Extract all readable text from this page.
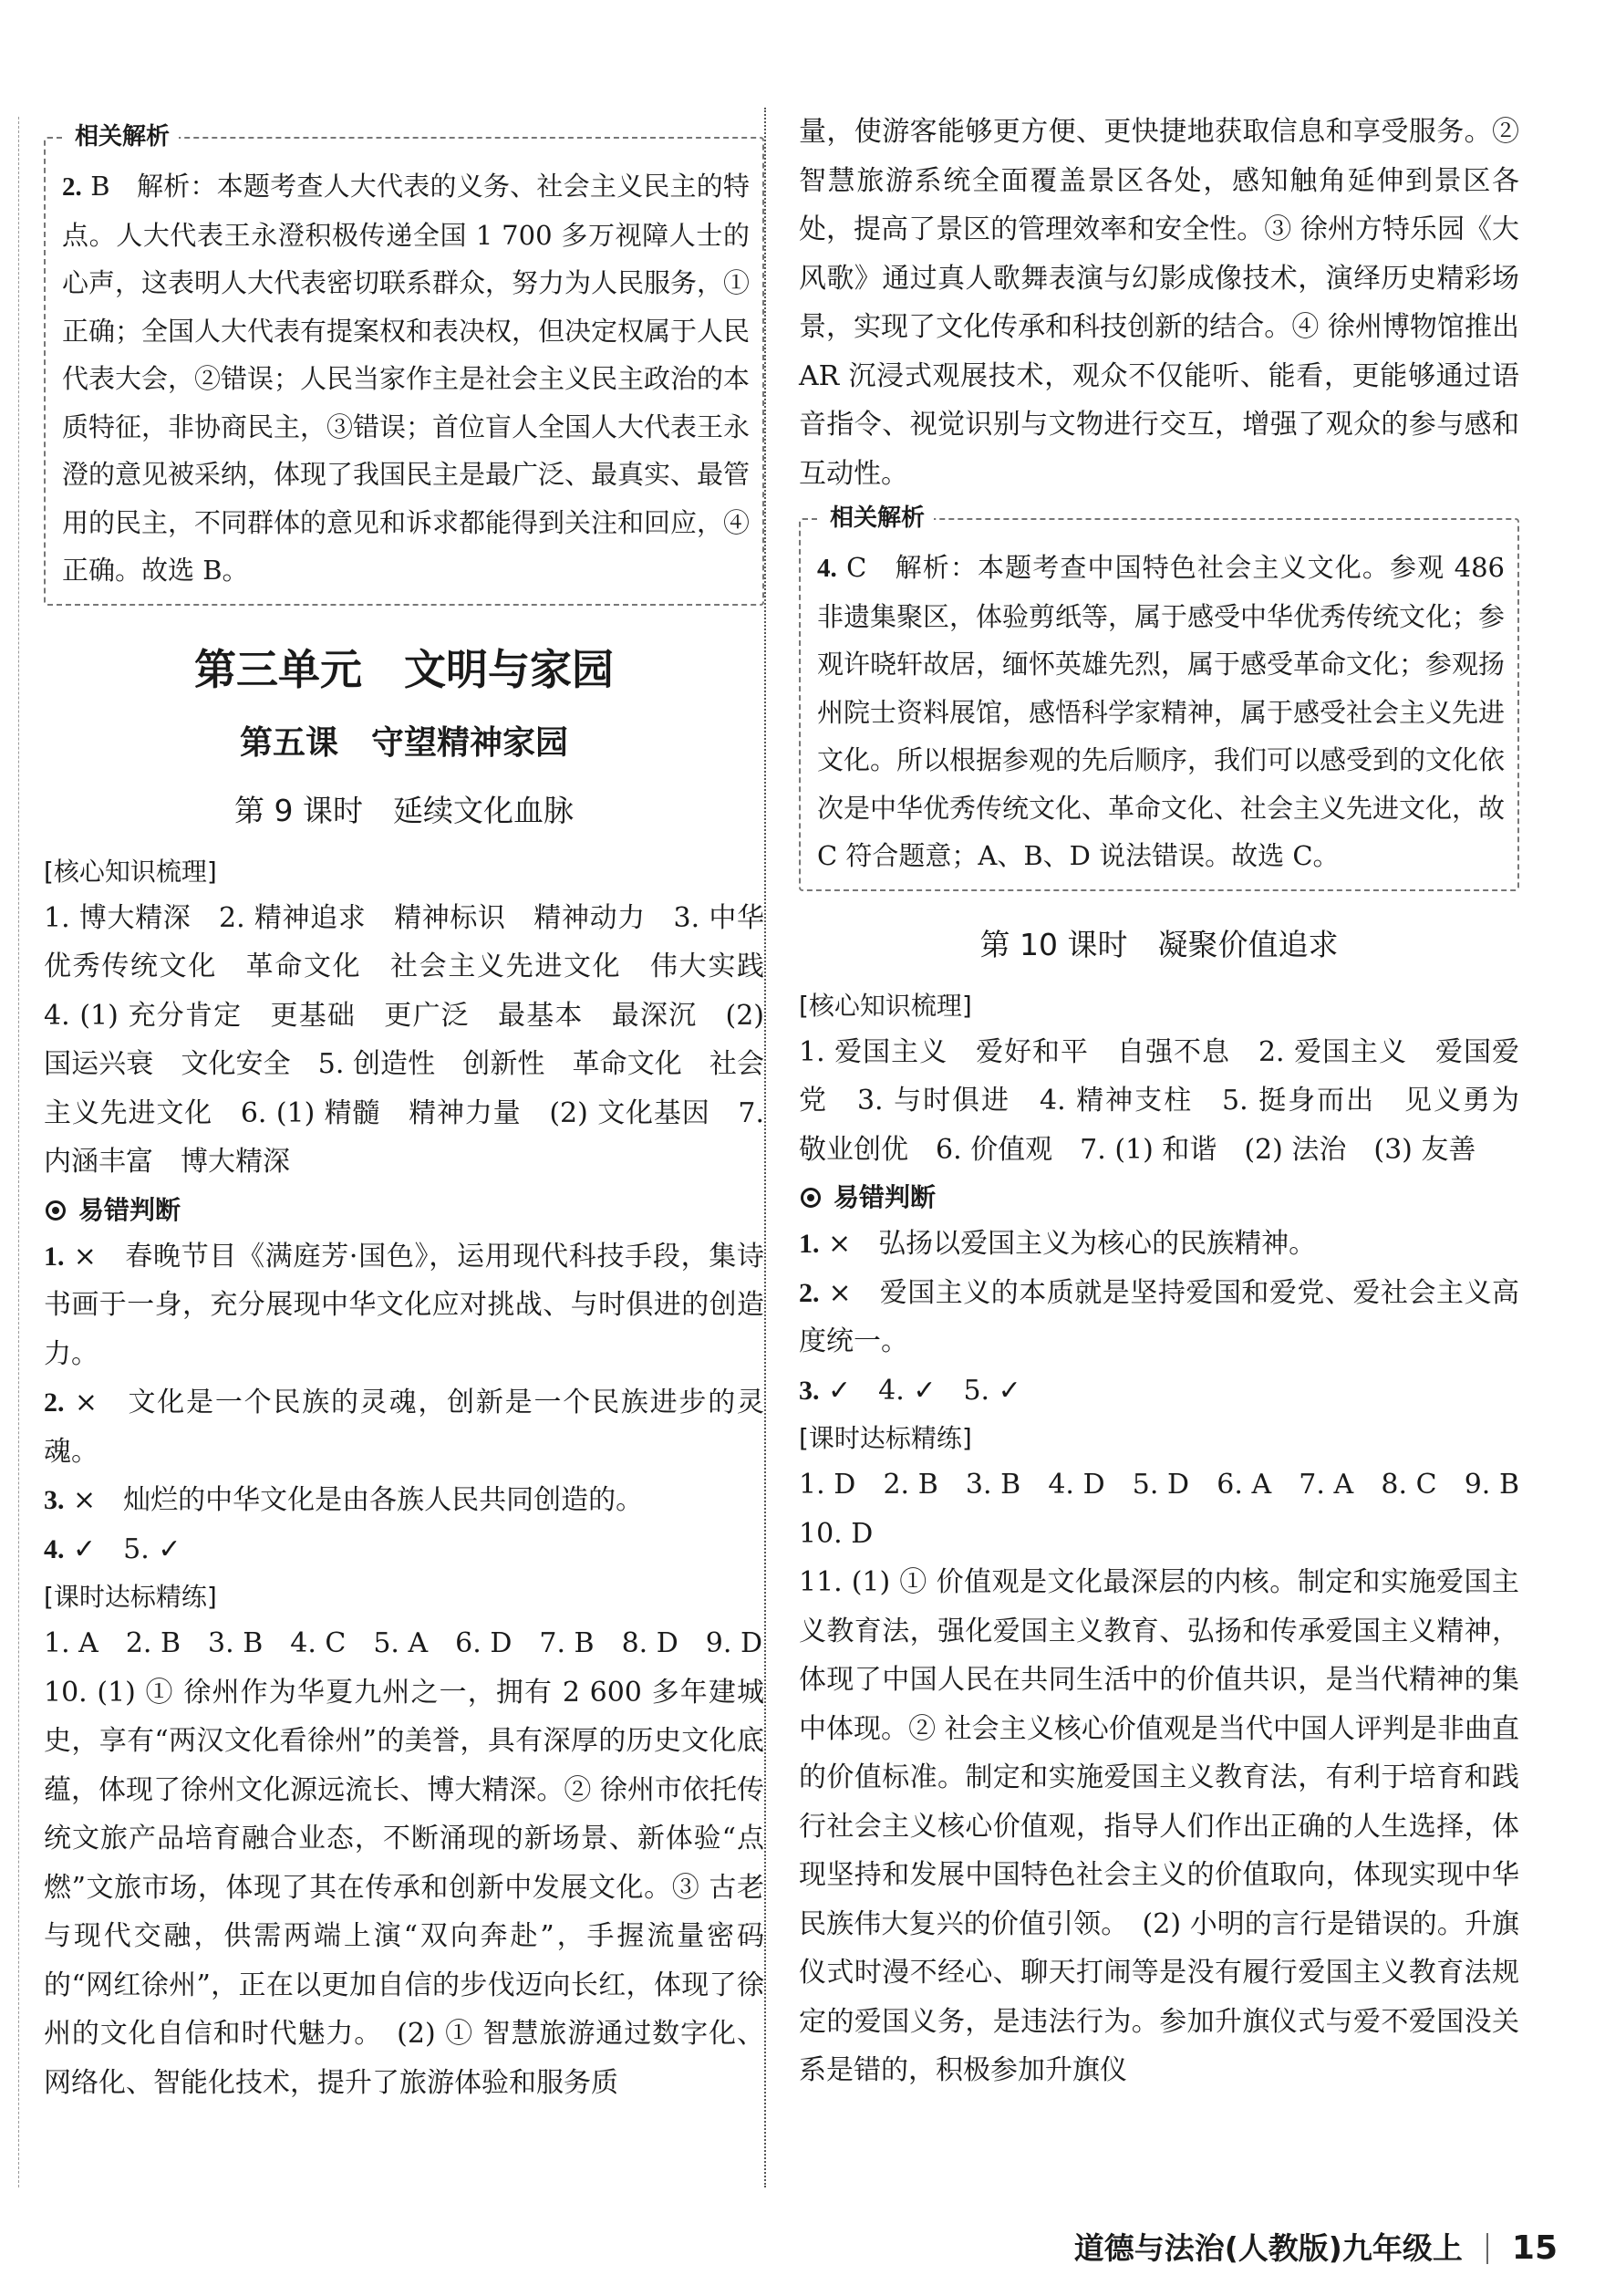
相关解析

2. B　解析：本题考查人大代表的义务、社会主义民主的特点。人大代表王永澄积极传递全国 1 700 多万视障人士的心声，这表明人大代表密切联系群众，努力为人民服务，①正确；全国人大代表有提案权和表决权，但决定权属于人民代表大会，②错误；人民当家作主是社会主义民主政治的本质特征，非协商民主，③错误；首位盲人全国人大代表王永澄的意见被采纳，体现了我国民主是最广泛、最真实、最管用的民主，不同群体的意见和诉求都能得到关注和回应，④正确。故选 B。

第三单元　文明与家园
第五课　守望精神家园
第 9 课时　延续文化血脉
[核心知识梳理]

1. 博大精深　2. 精神追求　精神标识　精神动力　3. 中华优秀传统文化　革命文化　社会主义先进文化　伟大实践　4. (1) 充分肯定　更基础　更广泛　最基本　最深沉　(2) 国运兴衰　文化安全　5. 创造性　创新性　革命文化　社会主义先进文化　6. (1) 精髓　精神力量　(2) 文化基因　7. 内涵丰富　博大精深

易错判断

1. ×　春晚节目《满庭芳·国色》，运用现代科技手段，集诗书画于一身，充分展现中华文化应对挑战、与时俱进的创造力。

2. ×　文化是一个民族的灵魂，创新是一个民族进步的灵魂。

3. ×　灿烂的中华文化是由各族人民共同创造的。

4. ✓　5. ✓

[课时达标精练]

1. A　2. B　3. B　4. C　5. A　6. D　7. B　8. D　9. D

10. (1) ① 徐州作为华夏九州之一，拥有 2 600 多年建城史，享有“两汉文化看徐州”的美誉，具有深厚的历史文化底蕴，体现了徐州文化源远流长、博大精深。② 徐州市依托传统文旅产品培育融合业态，不断涌现的新场景、新体验“点燃”文旅市场，体现了其在传承和创新中发展文化。③ 古老与现代交融，供需两端上演“双向奔赴”，手握流量密码的“网红徐州”，正在以更加自信的步伐迈向长红，体现了徐州的文化自信和时代魅力。　(2) ① 智慧旅游通过数字化、网络化、智能化技术，提升了旅游体验和服务质

量，使游客能够更方便、更快捷地获取信息和享受服务。② 智慧旅游系统全面覆盖景区各处，感知触角延伸到景区各处，提高了景区的管理效率和安全性。③ 徐州方特乐园《大风歌》通过真人歌舞表演与幻影成像技术，演绎历史精彩场景，实现了文化传承和科技创新的结合。④ 徐州博物馆推出 AR 沉浸式观展技术，观众不仅能听、能看，更能够通过语音指令、视觉识别与文物进行交互，增强了观众的参与感和互动性。

相关解析

4. C　解析：本题考查中国特色社会主义文化。参观 486 非遗集聚区，体验剪纸等，属于感受中华优秀传统文化；参观许晓轩故居，缅怀英雄先烈，属于感受革命文化；参观扬州院士资料展馆，感悟科学家精神，属于感受社会主义先进文化。所以根据参观的先后顺序，我们可以感受到的文化依次是中华优秀传统文化、革命文化、社会主义先进文化，故 C 符合题意；A、B、D 说法错误。故选 C。

第 10 课时　凝聚价值追求
[核心知识梳理]

1. 爱国主义　爱好和平　自强不息　2. 爱国主义　爱国爱党　3. 与时俱进　4. 精神支柱　5. 挺身而出　见义勇为　敬业创优　6. 价值观　7. (1) 和谐　(2) 法治　(3) 友善

易错判断

1. ×　弘扬以爱国主义为核心的民族精神。

2. ×　爱国主义的本质就是坚持爱国和爱党、爱社会主义高度统一。

3. ✓　4. ✓　5. ✓

[课时达标精练]

1. D　2. B　3. B　4. D　5. D　6. A　7. A　8. C　9. B　10. D

11. (1) ① 价值观是文化最深层的内核。制定和实施爱国主义教育法，强化爱国主义教育、弘扬和传承爱国主义精神，体现了中国人民在共同生活中的价值共识，是当代精神的集中体现。② 社会主义核心价值观是当代中国人评判是非曲直的价值标准。制定和实施爱国主义教育法，有利于培育和践行社会主义核心价值观，指导人们作出正确的人生选择，体现坚持和发展中国特色社会主义的价值取向，体现实现中华民族伟大复兴的价值引领。　(2) 小明的言行是错误的。升旗仪式时漫不经心、聊天打闹等是没有履行爱国主义教育法规定的爱国义务，是违法行为。参加升旗仪式与爱不爱国没关系是错的，积极参加升旗仪

道德与法治(人教版)九年级上 15
